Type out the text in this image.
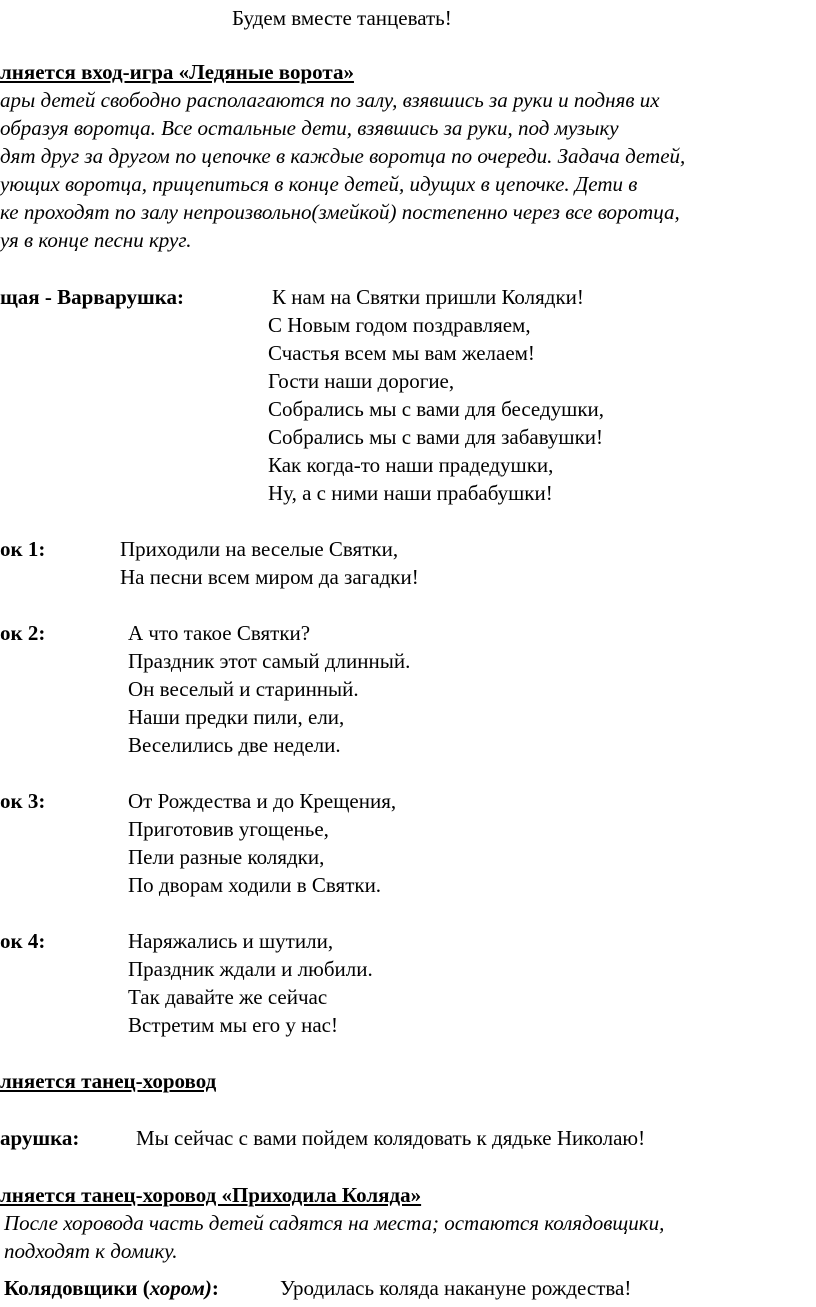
Будем вместе танцевать!
лняется вход-игра «Ледяные ворота»
ары детей свободно располагаются по залу, взявшись за руки и подняв их
образуя воротца. Все остальные дети, взявшись за руки, под музыку
дят друг за другом по цепочке в каждые воротца по очереди. Задача детей,
ующих воротца, прицепиться в конце детей, идущих в цепочке. Дети в
ке проходят по залу непроизвольно(змейкой) постепенно через все воротца,
уя в конце песни круг.
щая - Варварушка:	К нам на Святки пришли Колядки!
С Новым годом поздравляем,
Счастья всем мы вам желаем!
Гости наши дорогие,
Собрались мы с вами для беседушки,
Собрались мы с вами для забавушки!
Как когда-то наши прадедушки,
Ну, а с ними наши прабабушки!
ок 1:	Приходили на веселые Святки,
На песни всем миром да загадки!
ок 2:	А что такое Святки?
Праздник этот самый длинный.
Он веселый и старинный.
Наши предки пили, ели,
Веселились две недели.
ок 3:	От Рождества и до Крещения,
Приготовив угощенье,
Пели разные колядки,
По дворам ходили в Святки.
ок 4:	Наряжались и шутили,
Праздник ждали и любили.
Так давайте же сейчас
Встретим мы его у нас!
лняется танец-хоровод
арушка:	Мы сейчас с вами пойдем колядовать к дядьке Николаю!
лняется танец-хоровод «Приходила Коляда»
После хоровода часть детей садятся на места; остаются колядовщики,
подходят к домику.
Колядовщики (хором):	Уродилась коляда накануне рождества!
